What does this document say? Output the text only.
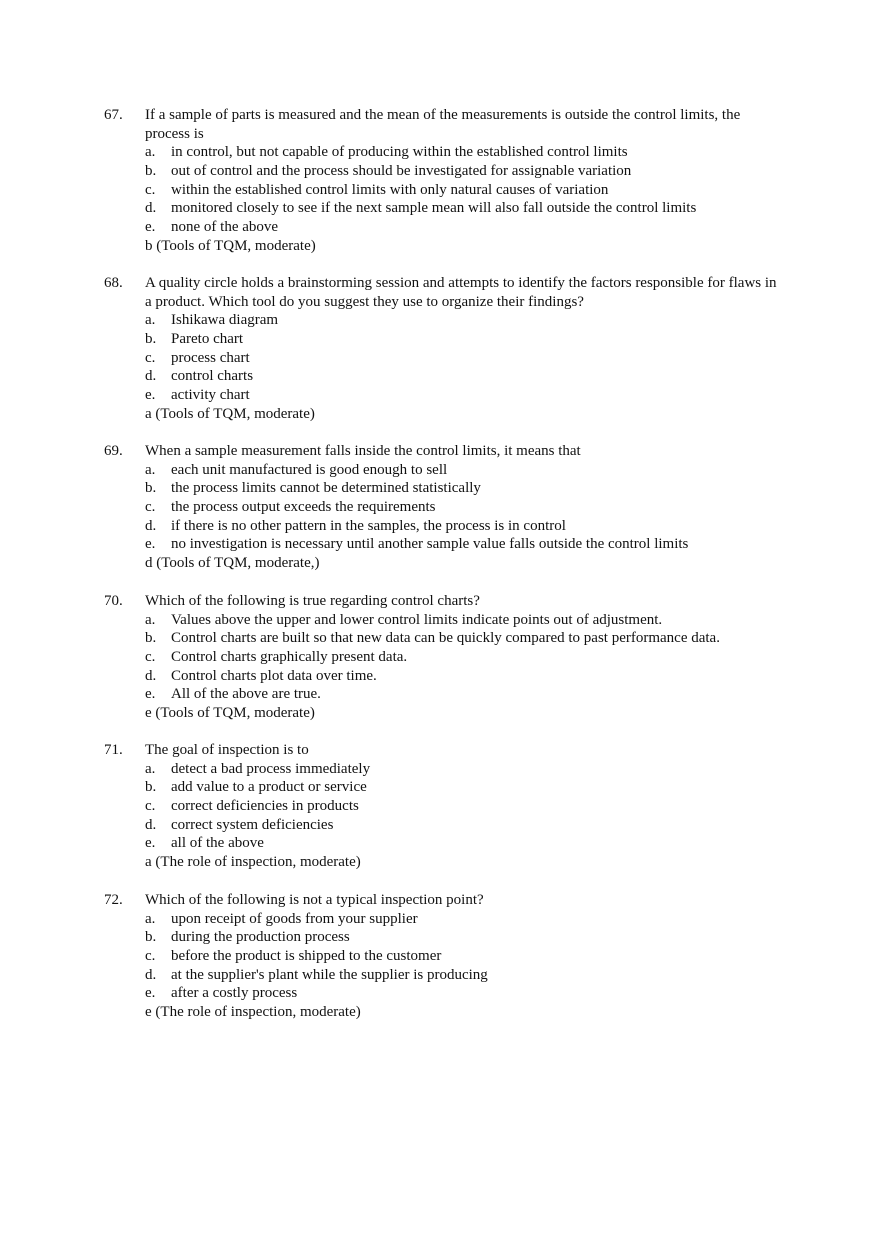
67. If a sample of parts is measured and the mean of the measurements is outside the control limits, the process is
a. in control, but not capable of producing within the established control limits
b. out of control and the process should be investigated for assignable variation
c. within the established control limits with only natural causes of variation
d. monitored closely to see if the next sample mean will also fall outside the control limits
e. none of the above
b (Tools of TQM, moderate)
68. A quality circle holds a brainstorming session and attempts to identify the factors responsible for flaws in a product. Which tool do you suggest they use to organize their findings?
a. Ishikawa diagram
b. Pareto chart
c. process chart
d. control charts
e. activity chart
a (Tools of TQM, moderate)
69. When a sample measurement falls inside the control limits, it means that
a. each unit manufactured is good enough to sell
b. the process limits cannot be determined statistically
c. the process output exceeds the requirements
d. if there is no other pattern in the samples, the process is in control
e. no investigation is necessary until another sample value falls outside the control limits
d (Tools of TQM, moderate,)
70. Which of the following is true regarding control charts?
a. Values above the upper and lower control limits indicate points out of adjustment.
b. Control charts are built so that new data can be quickly compared to past performance data.
c. Control charts graphically present data.
d. Control charts plot data over time.
e. All of the above are true.
e (Tools of TQM, moderate)
71. The goal of inspection is to
a. detect a bad process immediately
b. add value to a product or service
c. correct deficiencies in products
d. correct system deficiencies
e. all of the above
a (The role of inspection, moderate)
72. Which of the following is not a typical inspection point?
a. upon receipt of goods from your supplier
b. during the production process
c. before the product is shipped to the customer
d. at the supplier's plant while the supplier is producing
e. after a costly process
e (The role of inspection, moderate)
